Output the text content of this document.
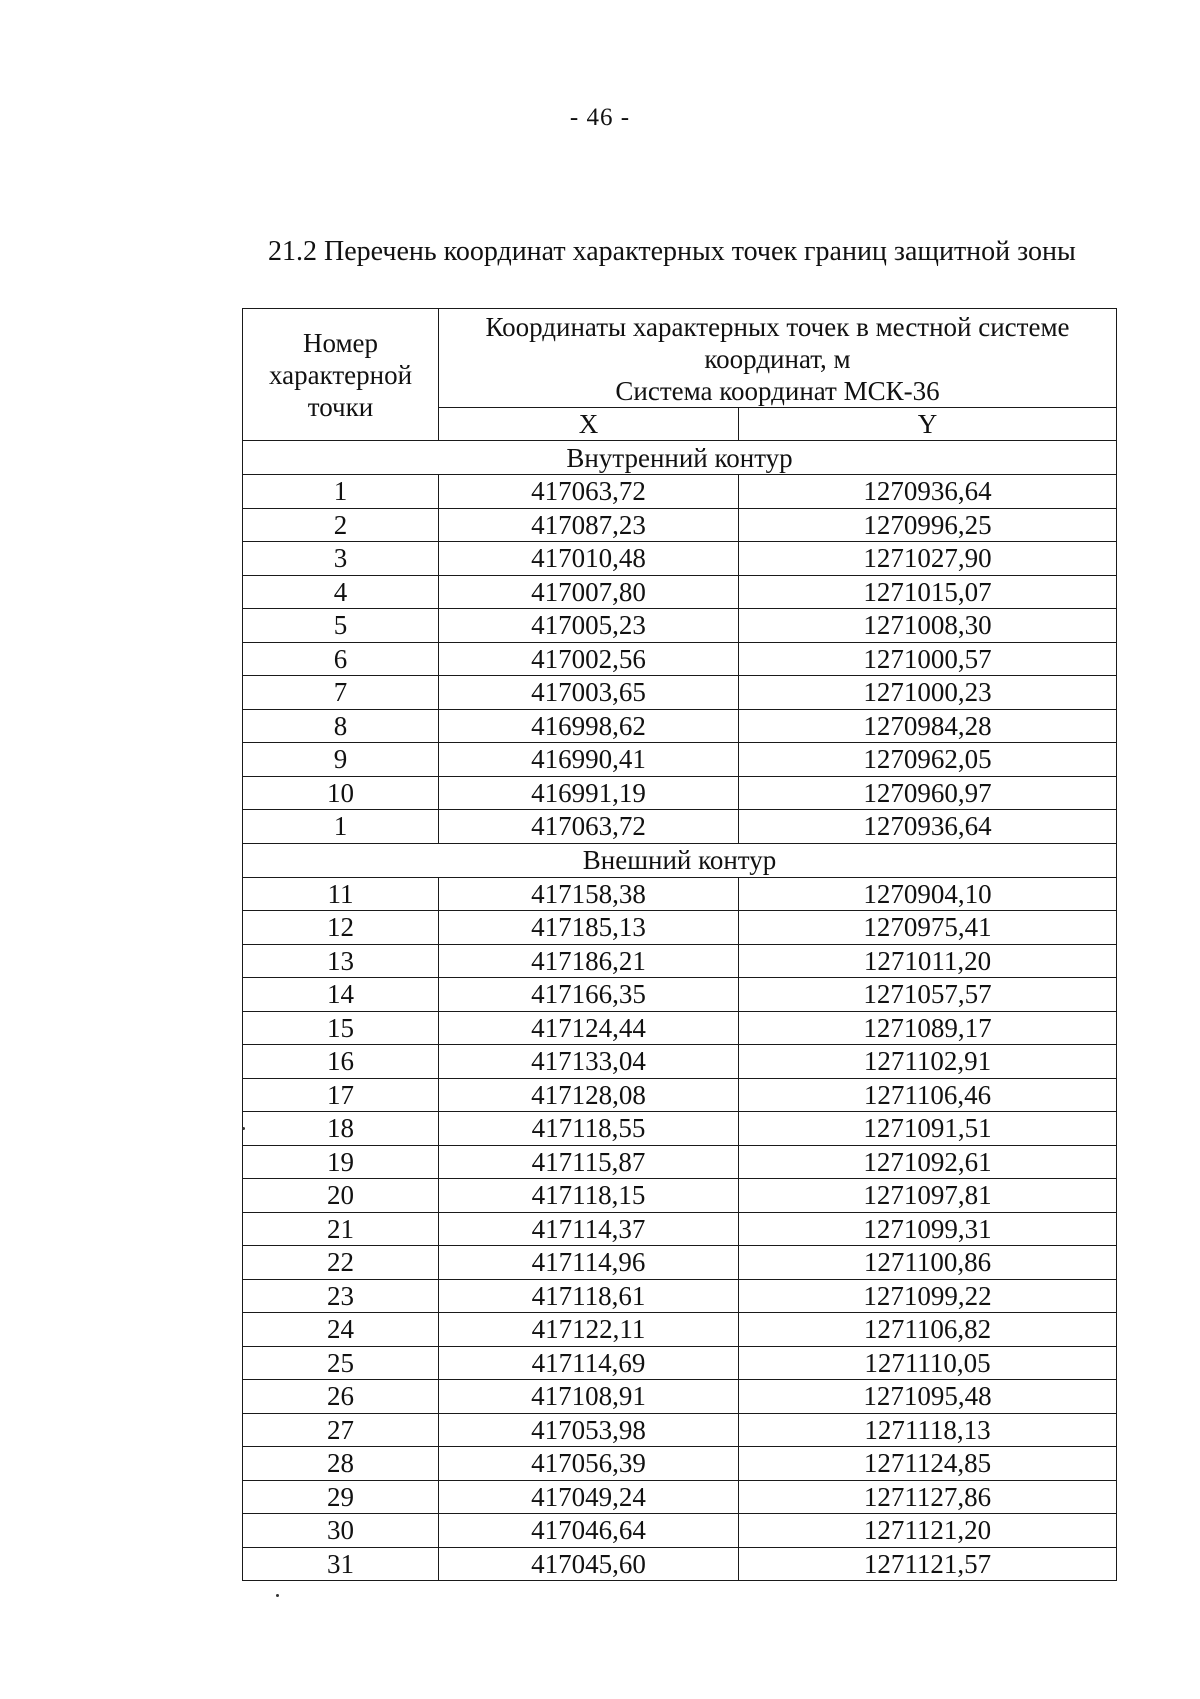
- 46 -
21.2 Перечень координат характерных точек границ защитной зоны
Номер характерной точки	Координаты характерных точек в местной системе координат, м
Система координат МСК-36	

	X	Y
Внутренний контур		
1	417063,72	1270936,64
2	417087,23	1270996,25
3	417010,48	1271027,90
4	417007,80	1271015,07
5	417005,23	1271008,30
6	417002,56	1271000,57
7	417003,65	1271000,23
8	416998,62	1270984,28
9	416990,41	1270962,05
10	416991,19	1270960,97
1	417063,72	1270936,64
Внешний контур		
11	417158,38	1270904,10
12	417185,13	1270975,41
13	417186,21	1271011,20
14	417166,35	1271057,57
15	417124,44	1271089,17
16	417133,04	1271102,91
17	417128,08	1271106,46
18	417118,55	1271091,51
19	417115,87	1271092,61
20	417118,15	1271097,81
21	417114,37	1271099,31
22	417114,96	1271100,86
23	417118,61	1271099,22
24	417122,11	1271106,82
25	417114,69	1271110,05
26	417108,91	1271095,48
27	417053,98	1271118,13
28	417056,39	1271124,85
29	417049,24	1271127,86
30	417046,64	1271121,20
31	417045,60	1271121,57
